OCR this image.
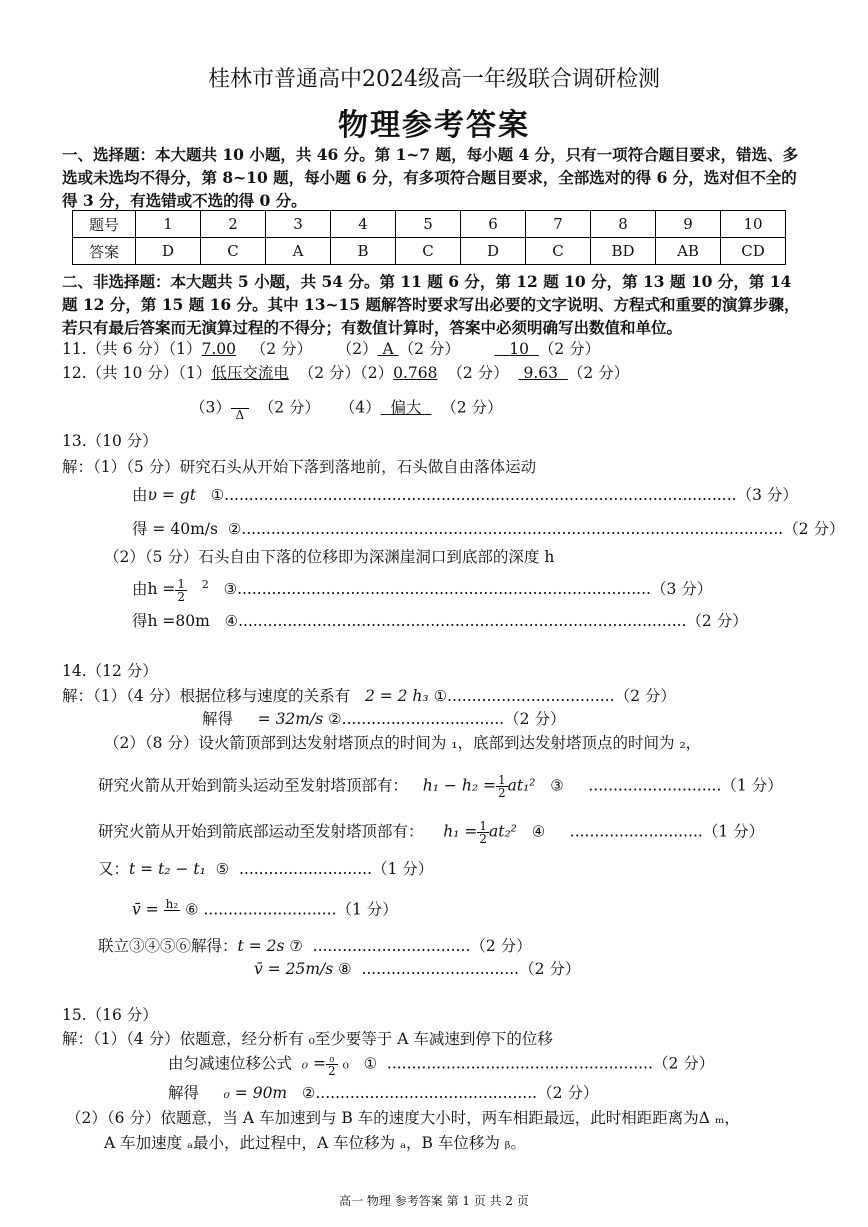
桂林市普通高中2024级高一年级联合调研检测
物理参考答案
一、选择题：本大题共 10 小题，共 46 分。第 1~7 题，每小题 4 分，只有一项符合题目要求，错选、多选或未选均不得分，第 8~10 题，每小题 6 分，有多项符合题目要求，全部选对的得 6 分，选对但不全的得 3 分，有选错或不选的得 0 分。
题号	1	2	3	4	5	6	7	8	9	10
答案	D	C	A	B	C	D	C	BD	AB	CD
二、非选择题：本大题共 5 小题，共 54 分。第 11 题 6 分，第 12 题 10 分，第 13 题 10 分，第 14 题 12 分，第 15 题 16 分。其中 13~15 题解答时要求写出必要的文字说明、方程式和重要的演算步骤，若只有最后答案而无演算过程的不得分；有数值计算时，答案中必须明确写出数值和单位。
11.（共 6 分）（1）7.00 （2 分） （2） A （2 分）	10 （2 分）
12.（共 10 分）（1）低压交流电 （2 分）（2）0.768 （2 分） 9.63 （2 分）
（3）
Δ （2 分） （4） 偏大 （2 分）
13.（10 分）
解：（1）（5 分）研究石头从开始下落到落地前，石头做自由落体运动
由υ = gt ①........................................................................................................（3 分）
得 = 40m/s ②..............................................................................................................（2 分）
（2）（5 分）石头自由下落的位移即为深渊崖洞口到底部的深度 h
由$h = \frac{1}{2} ^2$ ③....................................................................................（3 分）
得h =80m ④...........................................................................................（2 分）
14.（12 分）
解：（1）（4 分）根据位移与速度的关系有 2 = 2 h₃ ①..................................（2 分）
解得 = 32m/s ②.................................（2 分）
（2）（8 分）设火箭顶部到达发射塔顶点的时间为 ₁，底部到达发射塔顶点的时间为 ₂，
研究火箭从开始到箭头运动至发射塔顶部有： $h_1 - h_2 = \frac{1}{2} at_1^2$ ③     ...........................（1 分）
研究火箭从开始到箭底部运动至发射塔顶部有： $h_1 = \frac{1}{2} at_2^2$ ④     ...........................（1 分）
又：t = t₂ − t₁ ⑤  ...........................（1 分）
v̄ = h₂
⑥ ...........................（1 分）
联立③④⑤⑥解得：t = 2s ⑦  ................................（2 分）
v̄ = 25m/s ⑧  ................................（2 分）
15.（16 分）
解：（1）（4 分）依题意，经分析有 ₀至少要等于 A 车减速到停下的位移
由匀减速位移公式 $_0 = \frac{\text{₀}}{2} _0$ ①  ......................................................（2 分）
解得 ₀ = 90m ②.............................................（2 分）
（2）（6 分）依题意，当 A 车加速到与 B 车的速度大小时，两车相距最远，此时相距距离为Δ ₘ，
A 车加速度 ₐ最小，此过程中，A 车位移为 ₐ，B 车位移为 ᵦ。
高一 物理 参考答案 第 1 页 共 2 页
